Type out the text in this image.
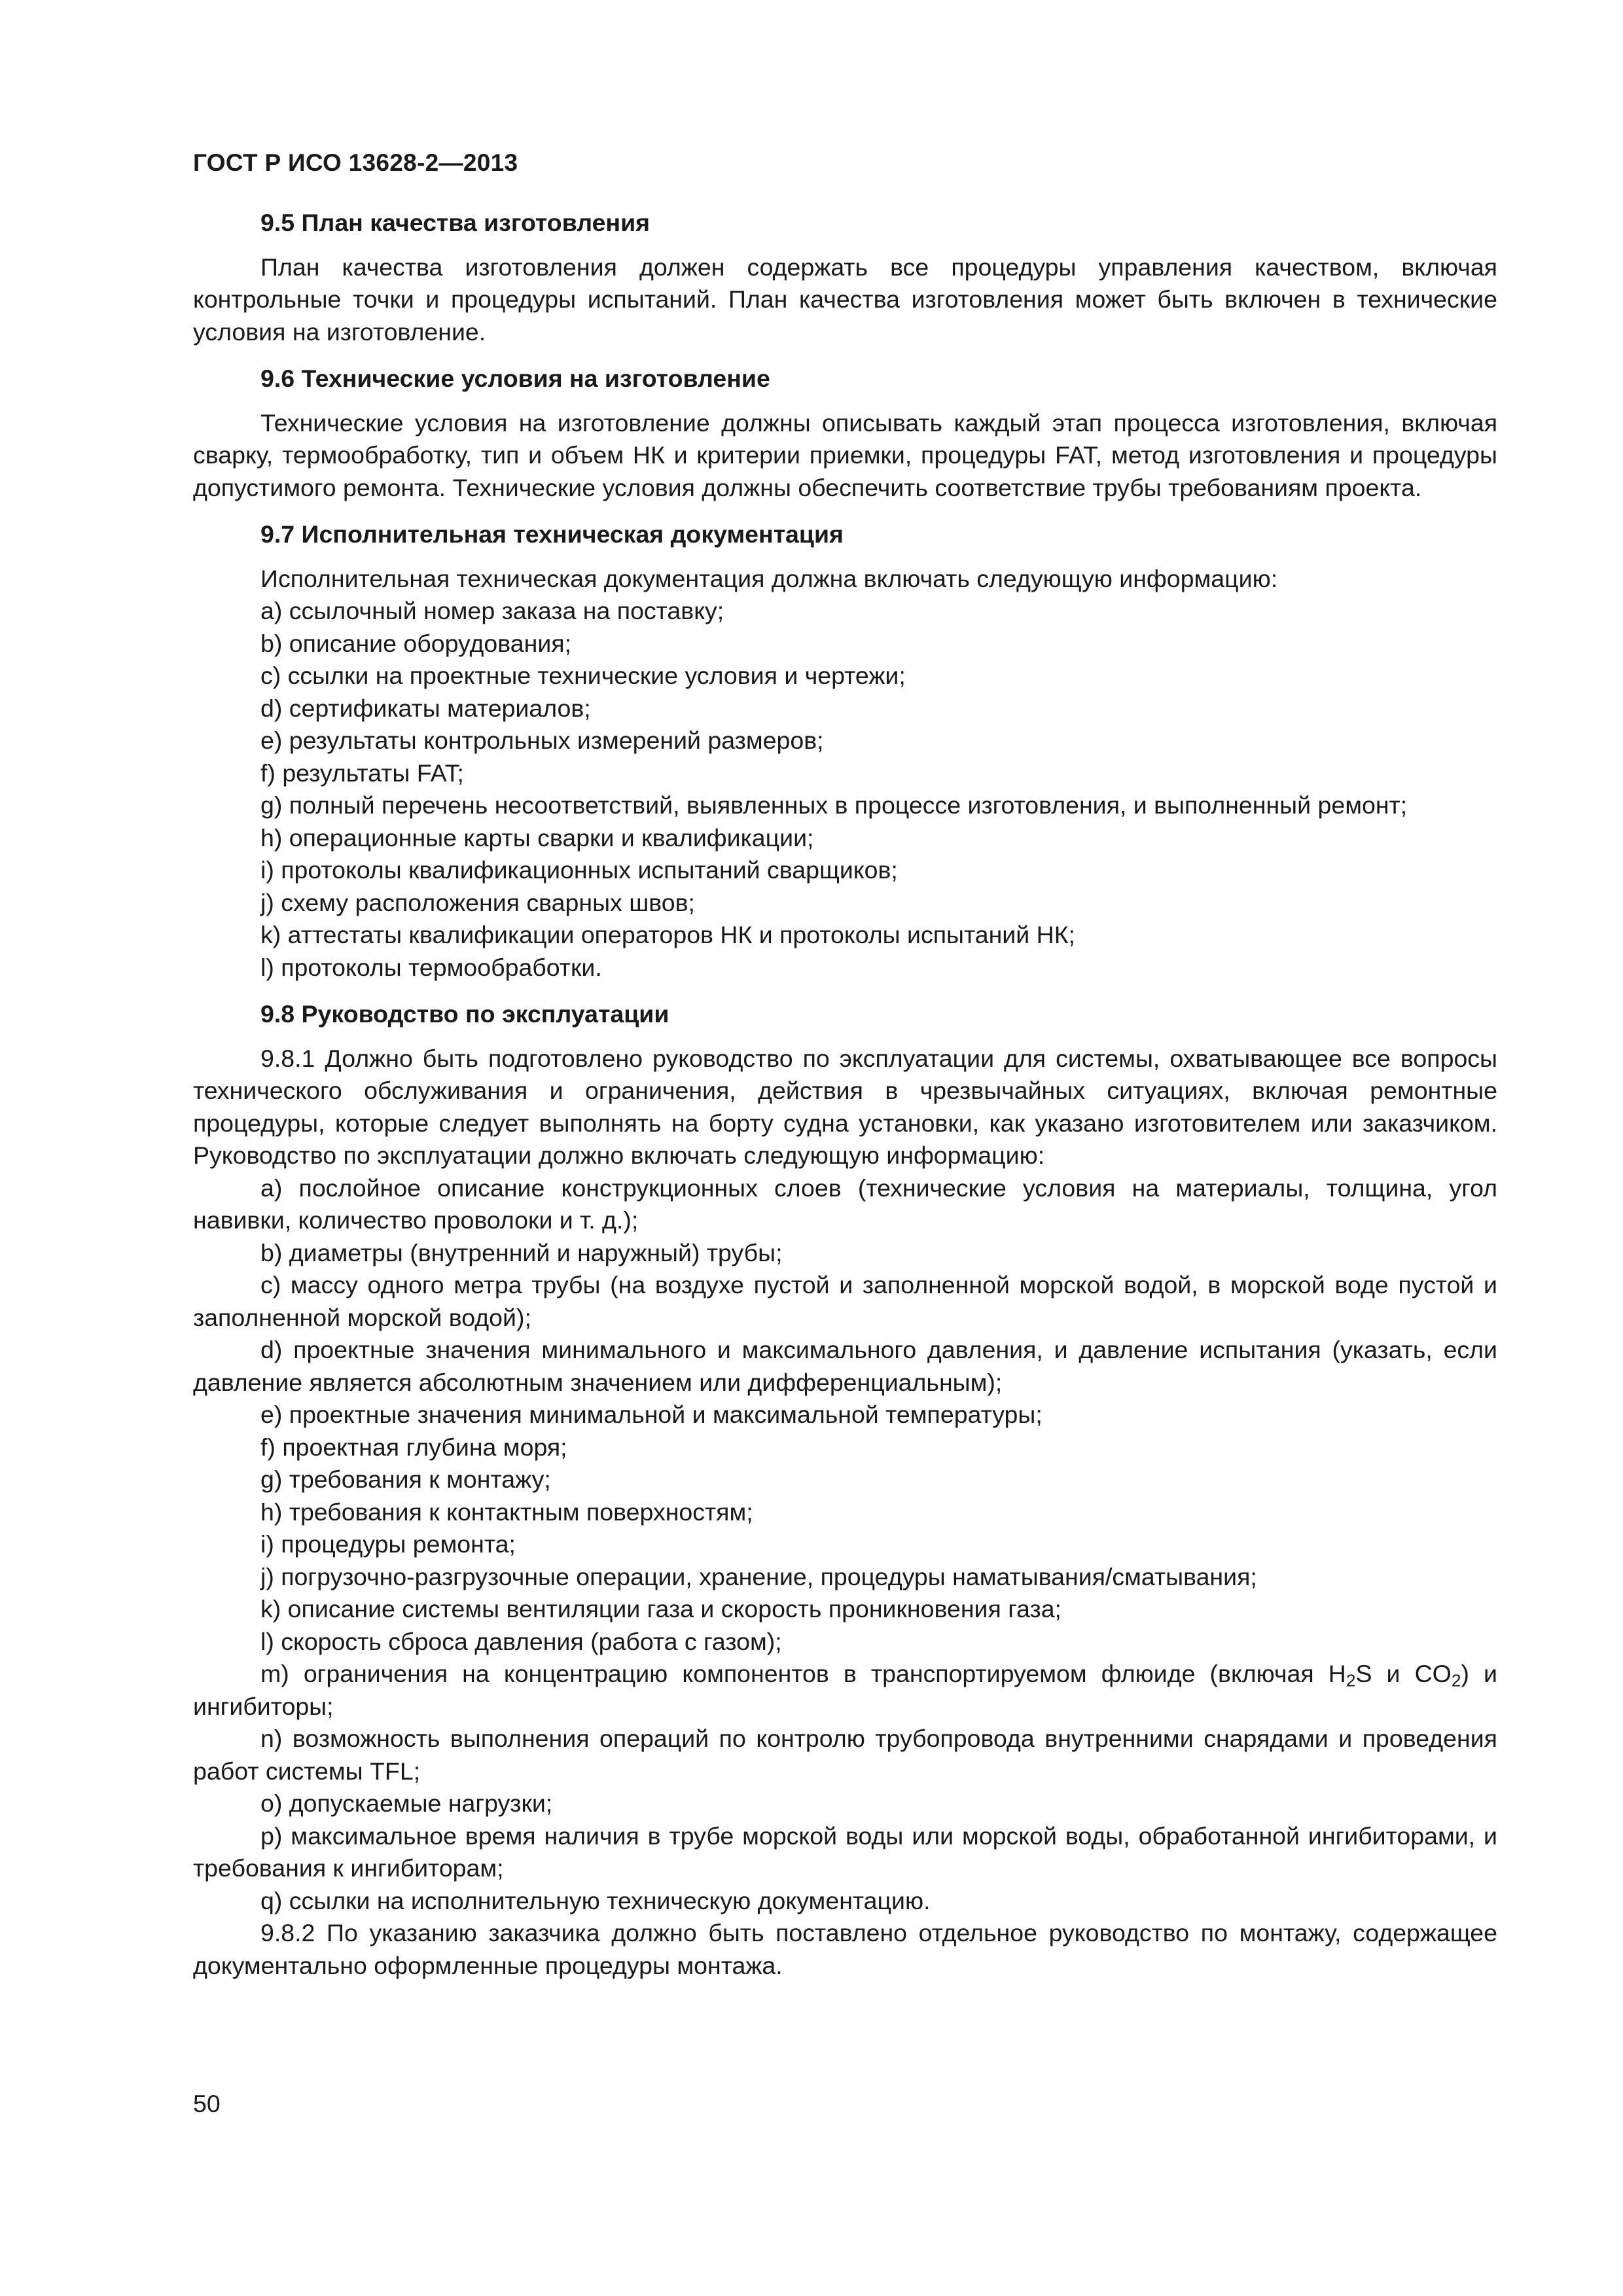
ГОСТ Р ИСО 13628-2—2013

9.5 План качества изготовления

План качества изготовления должен содержать все процедуры управления качеством, включая контрольные точки и процедуры испытаний. План качества изготовления может быть включен в технические условия на изготовление.

9.6 Технические условия на изготовление

Технические условия на изготовление должны описывать каждый этап процесса изготовления, включая сварку, термообработку, тип и объем НК и критерии приемки, процедуры FAT, метод изготовления и процедуры допустимого ремонта. Технические условия должны обеспечить соответствие трубы требованиям проекта.

9.7 Исполнительная техническая документация

Исполнительная техническая документация должна включать следующую информацию:

a) ссылочный номер заказа на поставку;

b) описание оборудования;

c) ссылки на проектные технические условия и чертежи;

d) сертификаты материалов;

e) результаты контрольных измерений размеров;

f) результаты FAT;

g) полный перечень несоответствий, выявленных в процессе изготовления, и выполненный ремонт;

h) операционные карты сварки и квалификации;

i) протоколы квалификационных испытаний сварщиков;

j) схему расположения сварных швов;

k) аттестаты квалификации операторов НК и протоколы испытаний НК;

l) протоколы термообработки.

9.8 Руководство по эксплуатации

9.8.1 Должно быть подготовлено руководство по эксплуатации для системы, охватывающее все вопросы технического обслуживания и ограничения, действия в чрезвычайных ситуациях, включая ремонтные процедуры, которые следует выполнять на борту судна установки, как указано изготовителем или заказчиком. Руководство по эксплуатации должно включать следующую информацию:

a) послойное описание конструкционных слоев (технические условия на материалы, толщина, угол навивки, количество проволоки и т. д.);

b) диаметры (внутренний и наружный) трубы;

c) массу одного метра трубы (на воздухе пустой и заполненной морской водой, в морской воде пустой и заполненной морской водой);

d) проектные значения минимального и максимального давления, и давление испытания (указать, если давление является абсолютным значением или дифференциальным);

e) проектные значения минимальной и максимальной температуры;

f) проектная глубина моря;

g) требования к монтажу;

h) требования к контактным поверхностям;

i) процедуры ремонта;

j) погрузочно-разгрузочные операции, хранение, процедуры наматывания/сматывания;

k) описание системы вентиляции газа и скорость проникновения газа;

l) скорость сброса давления (работа с газом);

m) ограничения на концентрацию компонентов в транспортируемом флюиде (включая $H_2S$ и $CO_2$) и ингибиторы;

n) возможность выполнения операций по контролю трубопровода внутренними снарядами и проведения работ системы TFL;

o) допускаемые нагрузки;

p) максимальное время наличия в трубе морской воды или морской воды, обработанной ингибиторами, и требования к ингибиторам;

q) ссылки на исполнительную техническую документацию.

9.8.2 По указанию заказчика должно быть поставлено отдельное руководство по монтажу, содержащее документально оформленные процедуры монтажа.

50
